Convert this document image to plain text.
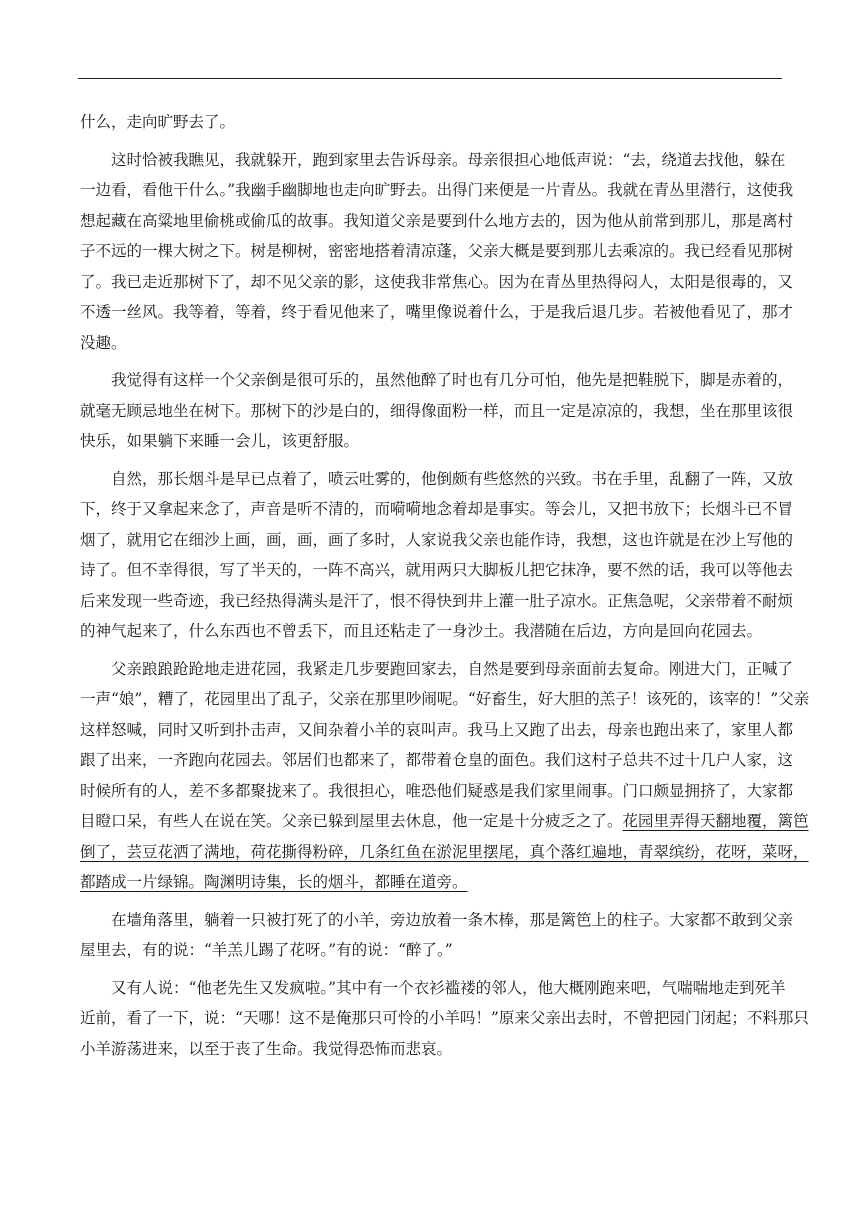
什么，走向旷野去了。
这时恰被我瞧见，我就躲开，跑到家里去告诉母亲。母亲很担心地低声说：“去，绕道去找他，躲在
一边看，看他干什么。”我幽手幽脚地也走向旷野去。出得门来便是一片青丛。我就在青丛里潜行，这使我
想起藏在高粱地里偷桃或偷瓜的故事。我知道父亲是要到什么地方去的，因为他从前常到那儿，那是离村
子不远的一棵大树之下。树是柳树，密密地搭着清凉蓬，父亲大概是要到那儿去乘凉的。我已经看见那树
了。我已走近那树下了，却不见父亲的影，这使我非常焦心。因为在青丛里热得闷人，太阳是很毒的，又
不透一丝风。我等着，等着，终于看见他来了，嘴里像说着什么，于是我后退几步。若被他看见了，那才
没趣。
我觉得有这样一个父亲倒是很可乐的，虽然他醉了时也有几分可怕，他先是把鞋脱下，脚是赤着的，
就毫无顾忌地坐在树下。那树下的沙是白的，细得像面粉一样，而且一定是凉凉的，我想，坐在那里该很
快乐，如果躺下来睡一会儿，该更舒服。
自然，那长烟斗是早已点着了，喷云吐雾的，他倒颇有些悠然的兴致。书在手里，乱翻了一阵，又放
下，终于又拿起来念了，声音是听不清的，而嗬嗬地念着却是事实。等会儿，又把书放下；长烟斗已不冒
烟了，就用它在细沙上画，画，画，画了多时，人家说我父亲也能作诗，我想，这也许就是在沙上写他的
诗了。但不幸得很，写了半天的，一阵不高兴，就用两只大脚板儿把它抹净，要不然的话，我可以等他去
后来发现一些奇迹，我已经热得满头是汗了，恨不得快到井上灌一肚子凉水。正焦急呢，父亲带着不耐烦
的神气起来了，什么东西也不曾丢下，而且还粘走了一身沙土。我潜随在后边，方向是回向花园去。
父亲踉踉跄跄地走进花园，我紧走几步要跑回家去，自然是要到母亲面前去复命。刚进大门，正喊了
一声“娘”，糟了，花园里出了乱子，父亲在那里吵闹呢。“好畜生，好大胆的羔子！该死的，该宰的！”父亲
这样怒喊，同时又听到扑击声，又间杂着小羊的哀叫声。我马上又跑了出去，母亲也跑出来了，家里人都
跟了出来，一齐跑向花园去。邻居们也都来了，都带着仓皇的面色。我们这村子总共不过十几户人家，这
时候所有的人，差不多都聚拢来了。我很担心，唯恐他们疑惑是我们家里闹事。门口颇显拥挤了，大家都
目瞪口呆，有些人在说在笑。父亲已躲到屋里去休息，他一定是十分疲乏之了。花园里弄得天翻地覆，篱笆
倒了，芸豆花洒了满地，荷花撕得粉碎，几条红鱼在淤泥里摆尾，真个落红遍地，青翠缤纷，花呀，菜呀，
都踏成一片绿锦。陶渊明诗集，长的烟斗，都睡在道旁。
在墙角落里，躺着一只被打死了的小羊，旁边放着一条木棒，那是篱笆上的柱子。大家都不敢到父亲
屋里去，有的说：“羊羔儿踢了花呀。”有的说：“醉了。”
又有人说：“他老先生又发疯啦。”其中有一个衣衫褴褛的邻人，他大概刚跑来吧，气喘喘地走到死羊
近前，看了一下，说：“天哪！这不是俺那只可怜的小羊吗！”原来父亲出去时，不曾把园门闭起；不料那只
小羊游荡进来，以至于丧了生命。我觉得恐怖而悲哀。
